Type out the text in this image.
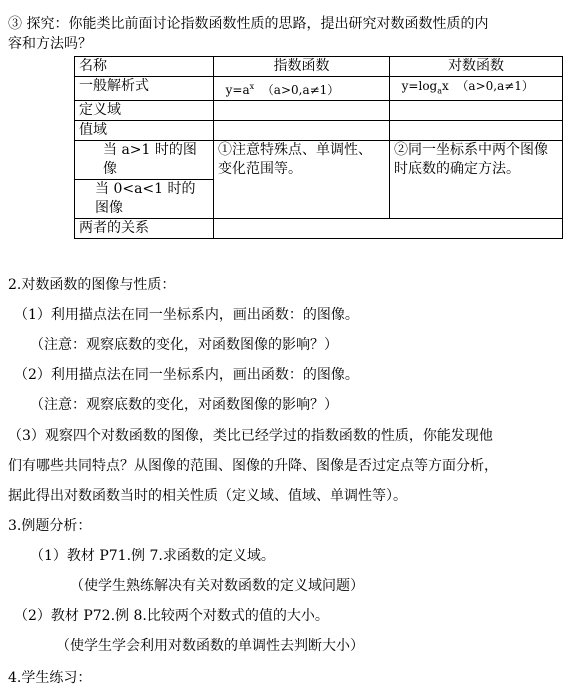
③ 探究：你能类比前面讨论指数函数性质的思路，提出研究对数函数性质的内
容和方法吗？
名称	指数函数	对数函数
一般解析式	$y=a^x$ （a>0,a≠1）	$y=\log_ax$ （a>0,a≠1）
定义域		
值域		
当 a>1 时的图像	①注意特殊点、单调性、变化范围等。	②同一坐标系中两个图像时底数的确定方法。
当 0<a<1 时的图像		
两者的关系		
2.对数函数的图像与性质：
（1）利用描点法在同一坐标系内，画出函数：的图像。
（注意：观察底数的变化，对函数图像的影响？）
（2）利用描点法在同一坐标系内，画出函数：的图像。
（注意：观察底数的变化，对函数图像的影响？）
（3）观察四个对数函数的图像，类比已经学过的指数函数的性质，你能发现他
们有哪些共同特点？从图像的范围、图像的升降、图像是否过定点等方面分析，
据此得出对数函数当时的相关性质（定义域、值域、单调性等）。
3.例题分析：
（1）教材 P71.例 7.求函数的定义域。
（使学生熟练解决有关对数函数的定义域问题）
（2）教材 P72.例 8.比较两个对数式的值的大小。
（使学生学会利用对数函数的单调性去判断大小）
4.学生练习：
